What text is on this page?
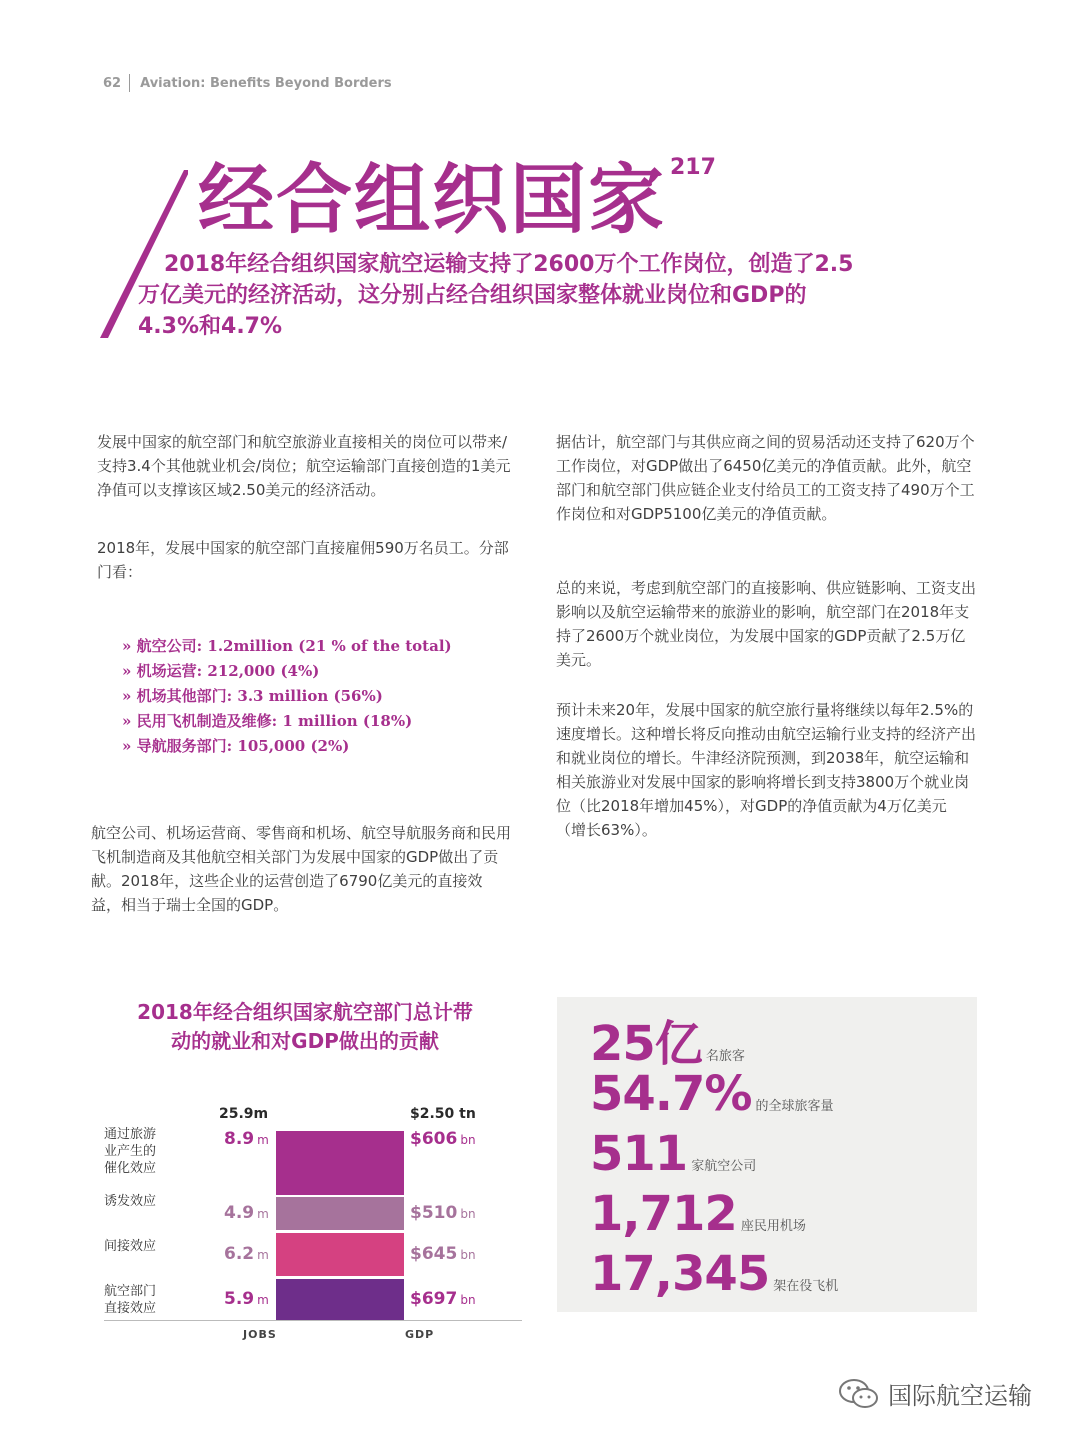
62 Aviation: Benefits Beyond Borders
经合组织国家 $^{217}$
2018年经合组织国家航空运输支持了2600万个工作岗位，创造了2.5
万亿美元的经济活动，这分别占经合组织国家整体就业岗位和GDP的
4.3%和4.7%
发展中国家的航空部门和航空旅游业直接相关的岗位可以带来/支持3.4个其他就业机会/岗位；航空运输部门直接创造的1美元净值可以支撑该区域2.50美元的经济活动。
2018年，发展中国家的航空部门直接雇佣590万名员工。分部门看：
» 航空公司: 1.2million (21 % of the total)
» 机场运营: 212,000 (4%)
» 机场其他部门: 3.3 million (56%)
» 民用飞机制造及维修: 1 million (18%)
» 导航服务部门: 105,000 (2%)
航空公司、机场运营商、零售商和机场、航空导航服务商和民用飞机制造商及其他航空相关部门为发展中国家的GDP做出了贡献。2018年，这些企业的运营创造了6790亿美元的直接效益，相当于瑞士全国的GDP。
据估计，航空部门与其供应商之间的贸易活动还支持了620万个工作岗位，对GDP做出了6450亿美元的净值贡献。此外，航空部门和航空部门供应链企业支付给员工的工资支持了490万个工作岗位和对GDP5100亿美元的净值贡献。
总的来说，考虑到航空部门的直接影响、供应链影响、工资支出影响以及航空运输带来的旅游业的影响，航空部门在2018年支持了2600万个就业岗位，为发展中国家的GDP贡献了2.5万亿美元。
预计未来20年，发展中国家的航空旅行量将继续以每年2.5%的速度增长。这种增长将反向推动由航空运输行业支持的经济产出和就业岗位的增长。牛津经济院预测，到2038年，航空运输和相关旅游业对发展中国家的影响将增长到支持3800万个就业岗位（比2018年增加45%），对GDP的净值贡献为4万亿美元（增长63%）。
2018年经合组织国家航空部门总计带
动的就业和对GDP做出的贡献
25.9m	$2.50 tn
通过旅游
业产生的
催化效应
8.9 m	$606 bn
诱发效应
4.9 m	$510 bn
间接效应	6.2 m	$645 bn
航空部门
直接效应	5.9 m	$697 bn
JOBS	GDP
25亿 名旅客
54.7% 的全球旅客量
511 家航空公司
1,712 座民用机场
17,345 架在役飞机
国际航空运输
